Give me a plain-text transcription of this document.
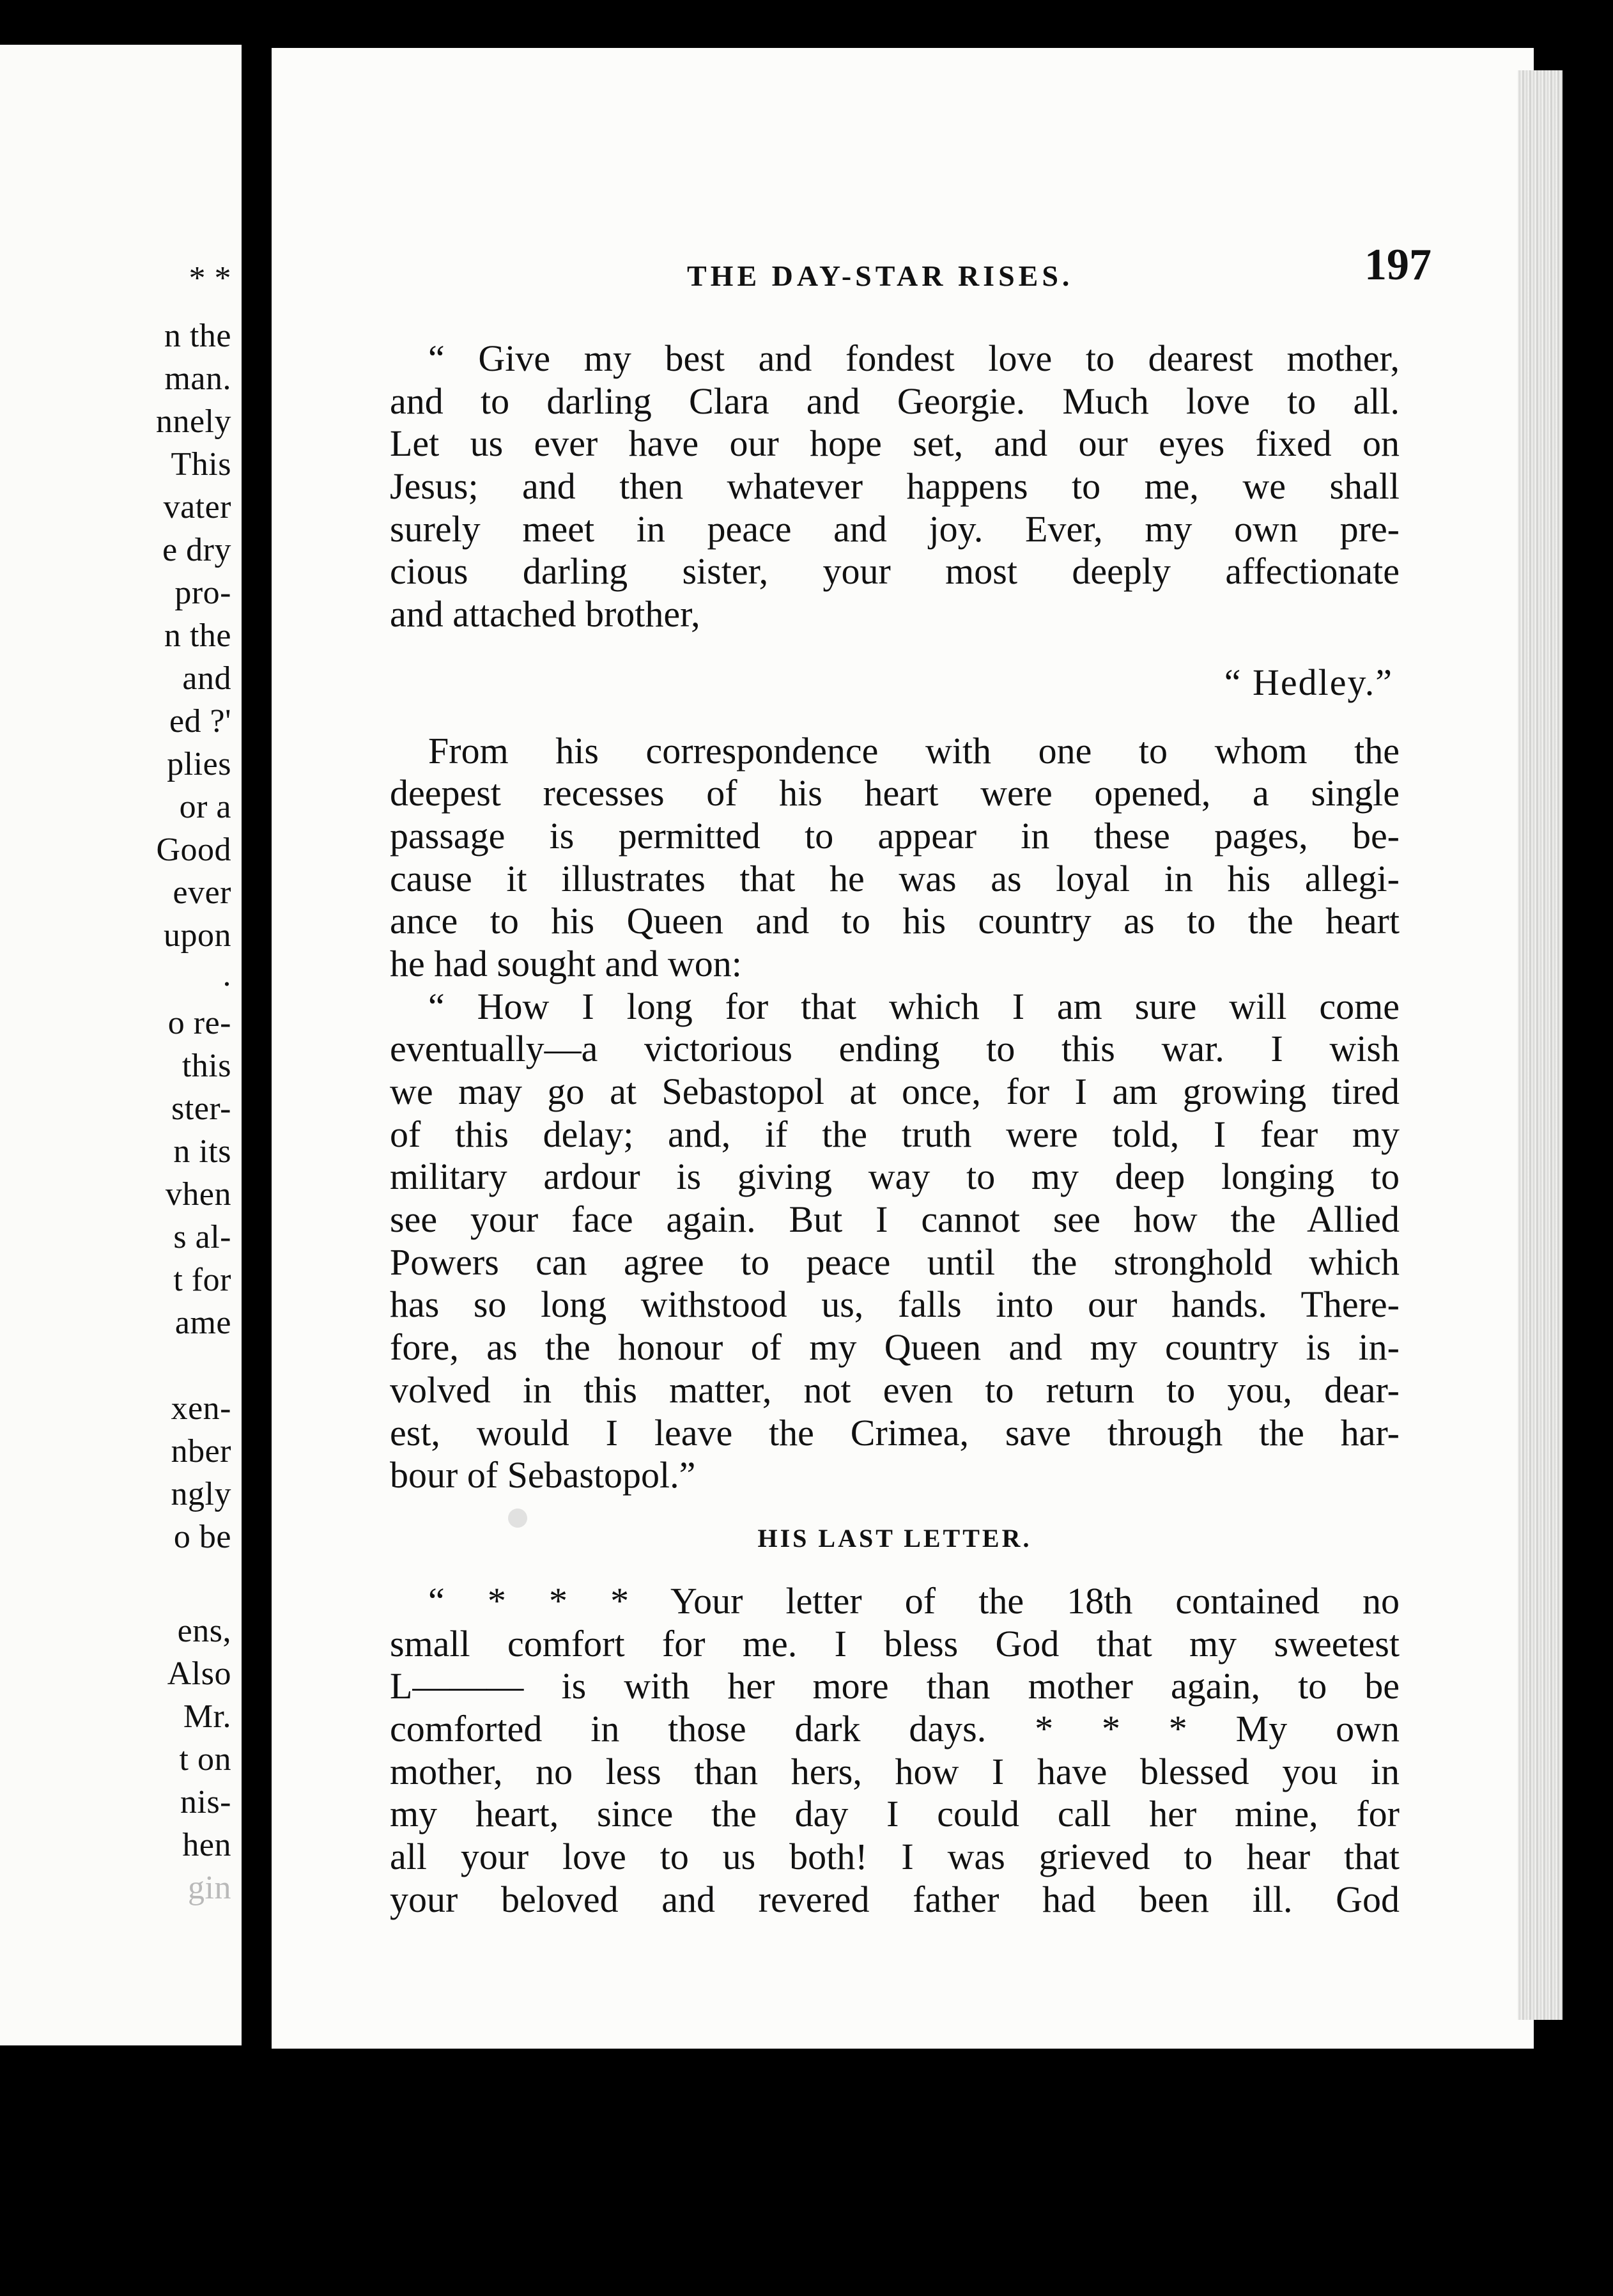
* *
n the
man.
nnely
This
vater
e dry
pro-
n the
and
ed ?'
plies
or a
Good
ever
upon
.
o re-
this
ster-
n its
vhen
s al-
t for
ame
xen-
nber
ngly
o be
ens,
Also
Mr.
t on
nis-
hen
gin
THE DAY-STAR RISES.	197
“ Give my best and fondest love to dearest mother,
and to darling Clara and Georgie. Much love to all.
Let us ever have our hope set, and our eyes fixed on
Jesus; and then whatever happens to me, we shall
surely meet in peace and joy. Ever, my own pre-
cious darling sister, your most deeply affectionate
and attached brother,
“ Hedley.”
From his correspondence with one to whom the
deepest recesses of his heart were opened, a single
passage is permitted to appear in these pages, be-
cause it illustrates that he was as loyal in his allegi-
ance to his Queen and to his country as to the heart
he had sought and won:
“ How I long for that which I am sure will come
eventually—a victorious ending to this war. I wish
we may go at Sebastopol at once, for I am growing tired
of this delay; and, if the truth were told, I fear my
military ardour is giving way to my deep longing to
see your face again. But I cannot see how the Allied
Powers can agree to peace until the stronghold which
has so long withstood us, falls into our hands. There-
fore, as the honour of my Queen and my country is in-
volved in this matter, not even to return to you, dear-
est, would I leave the Crimea, save through the har-
bour of Sebastopol.”
HIS LAST LETTER.
“ * * * Your letter of the 18th contained no
small comfort for me. I bless God that my sweetest
L——— is with her more than mother again, to be
comforted in those dark days. * * * My own
mother, no less than hers, how I have blessed you in
my heart, since the day I could call her mine, for
all your love to us both! I was grieved to hear that
your beloved and revered father had been ill. God
